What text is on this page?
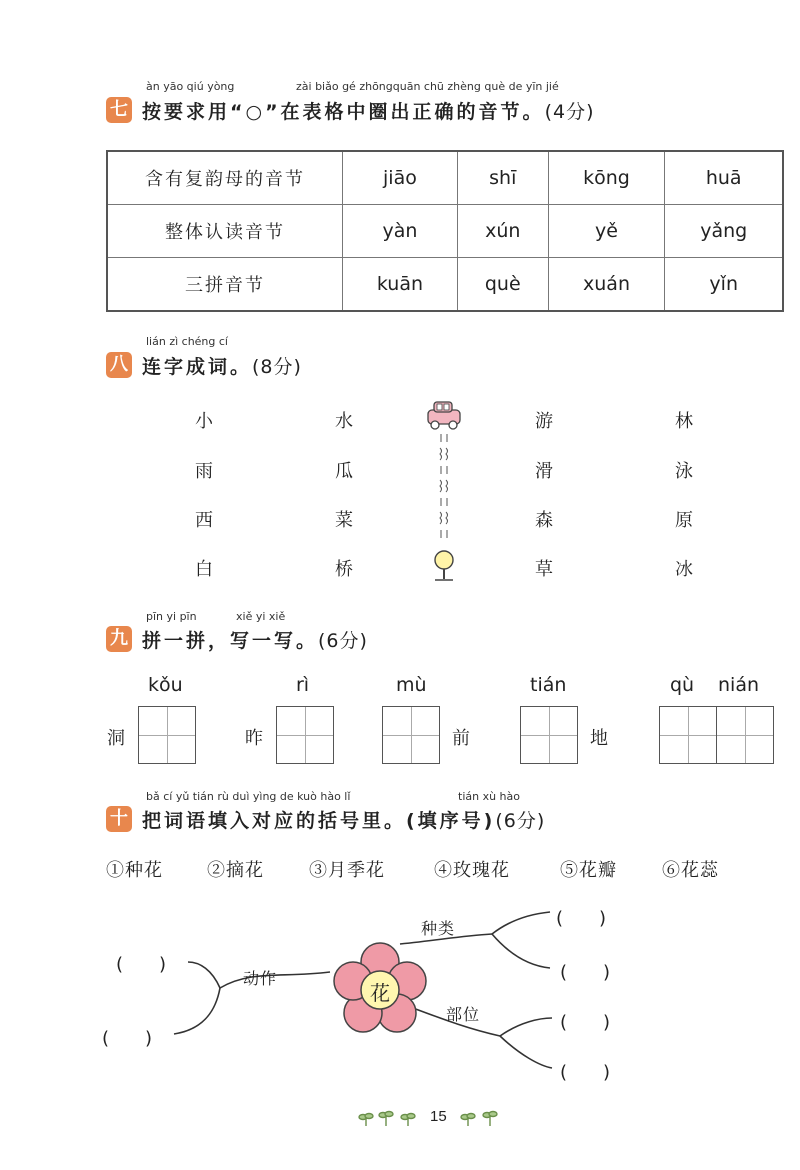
àn yāo qiú yòng	zài biǎo gé zhōngquān chū zhèng què de yīn jié
七 按要求用“○”在表格中圈出正确的音节。(4分)
含有复韵母的音节	jiāo	shī	kōng	huā
整体认读音节	yàn	xún	yě	yǎng
三拼音节	kuān	què	xuán	yǐn
lián zì chéng cí
八 连字成词。(8分)
小
雨
西
白
水
瓜
菜
桥
游
滑
森
草
林
泳
原
冰
pīn yi pīn	xiě yi xiě
九 拼一拼，写一写。(6分)
kǒu	rì	mù	tián	qù nián
洞	昨	前	地
bǎ cí yǔ tián rù duì yìng de kuò hào lǐ	tián xù hào
十 把词语填入对应的括号里。(填序号)(6分)
①种花 ②摘花	③月季花	④玫瑰花	⑤花瓣	⑥花蕊
花
动作
种类
部位
(　　)
(　　)
(　　)
(　　)
(　　)
(　　)
15
